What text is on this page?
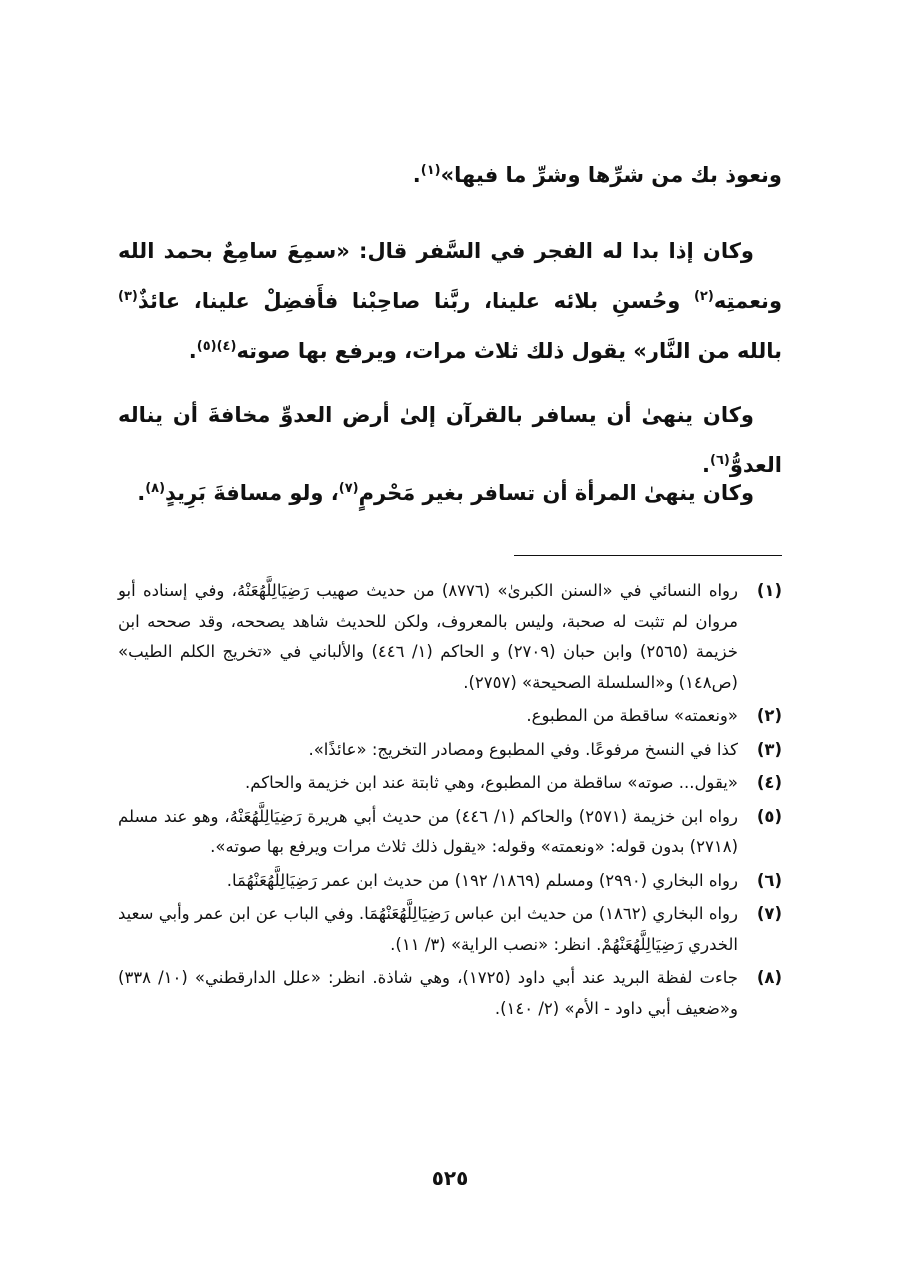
ونعوذ بك من شرِّها وشرِّ ما فيها»$^{(١)}$.

وكان إذا بدا له الفجر في السَّفر قال: «سمِعَ سامِعٌ بحمد الله ونعمتِه$^{(٢)}$ وحُسنِ بلائه علينا، ربَّنا صاحِبْنا فأَفضِلْ علينا، عائذٌ$^{(٣)}$ بالله من النَّار» يقول ذلك ثلاث مرات، ويرفع بها صوته$^{(٤)(٥)}$.

وكان ينهىٰ أن يسافر بالقرآن إلىٰ أرض العدوِّ مخافةَ أن يناله العدوُّ$^{(٦)}$.

وكان ينهىٰ المرأة أن تسافر بغير مَحْرمٍ$^{(٧)}$، ولو مسافةَ بَرِيدٍ$^{(٨)}$.

(١)
رواه النسائي في «السنن الكبرىٰ» (٨٧٧٦) من حديث صهيب رَضِيَالِلَّهُعَنْهُ، وفي إسناده أبو مروان لم تثبت له صحبة، وليس بالمعروف، ولكن للحديث شاهد يصححه، وقد صححه ابن خزيمة (٢٥٦٥) وابن حبان (٢٧٠٩) و الحاكم (١/ ٤٤٦) والألباني في «تخريج الكلم الطيب» (ص١٤٨) و«السلسلة الصحيحة» (٢٧٥٧).
(٢)
«ونعمته» ساقطة من المطبوع.
(٣)
كذا في النسخ مرفوعًا. وفي المطبوع ومصادر التخريج: «عائذًا».
(٤)
«يقول... صوته» ساقطة من المطبوع، وهي ثابتة عند ابن خزيمة والحاكم.
(٥)
رواه ابن خزيمة (٢٥٧١) والحاكم (١/ ٤٤٦) من حديث أبي هريرة رَضِيَالِلَّهُعَنْهُ، وهو عند مسلم (٢٧١٨) بدون قوله: «ونعمته» وقوله: «يقول ذلك ثلاث مرات ويرفع بها صوته».
(٦)
رواه البخاري (٢٩٩٠) ومسلم (١٨٦٩/ ١٩٢) من حديث ابن عمر رَضِيَالِلَّهُعَنْهُمَا.
(٧)
رواه البخاري (١٨٦٢) من حديث ابن عباس رَضِيَالِلَّهُعَنْهُمَا. وفي الباب عن ابن عمر وأبي سعيد الخدري رَضِيَالِلَّهُعَنْهُمْ. انظر: «نصب الراية» (٣/ ١١).
(٨)
جاءت لفظة البريد عند أبي داود (١٧٢٥)، وهي شاذة. انظر: «علل الدارقطني» (١٠/ ٣٣٨) و«ضعيف أبي داود - الأم» (٢/ ١٤٠).
٥٢٥
